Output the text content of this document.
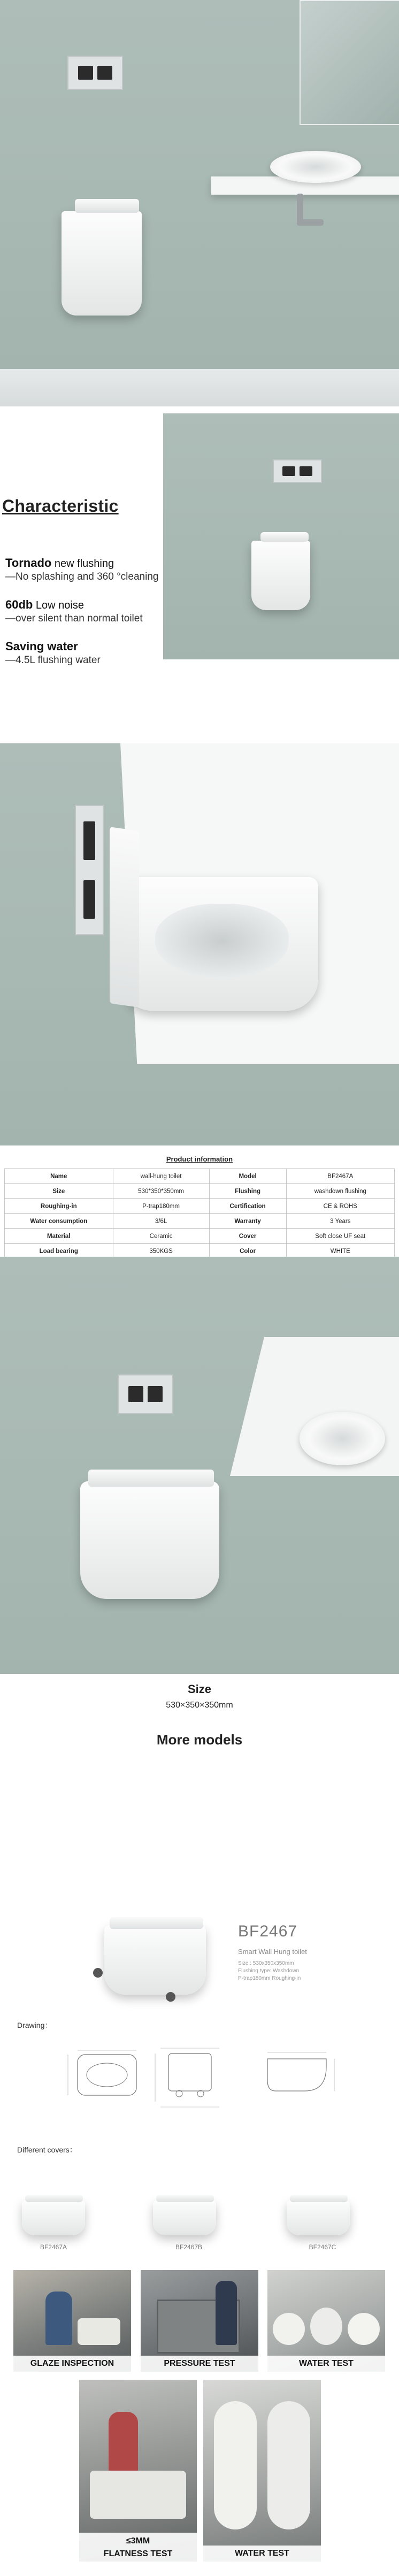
Characteristic
Tornado new flushing
—No splashing and 360 °cleaning
60db Low noise
—over silent than normal toilet
Saving water
—4.5L flushing water
Product information
Name	wall-hung toilet	Model	BF2467A
Size	530*350*350mm	Flushing	washdown flushing
Roughing-in	P-trap180mm	Certification	CE & ROHS
Water consumption	3/6L	Warranty	3 Years
Material	Ceramic	Cover	Soft close UF seat
Load bearing	350KGS	Color	WHITE

Size
530×350×350mm
More models
BF2467
Smart Wall Hung toilet
Size : 530x350x350mm
Flushing type: Washdown
P-trap180mm Roughing-in
Drawing：
Different covers：
BF2467A	BF2467B	BF2467C
GLAZE INSPECTION	PRESSURE TEST	WATER TEST
≤3MM
FLATNESS TEST	WATER TEST
